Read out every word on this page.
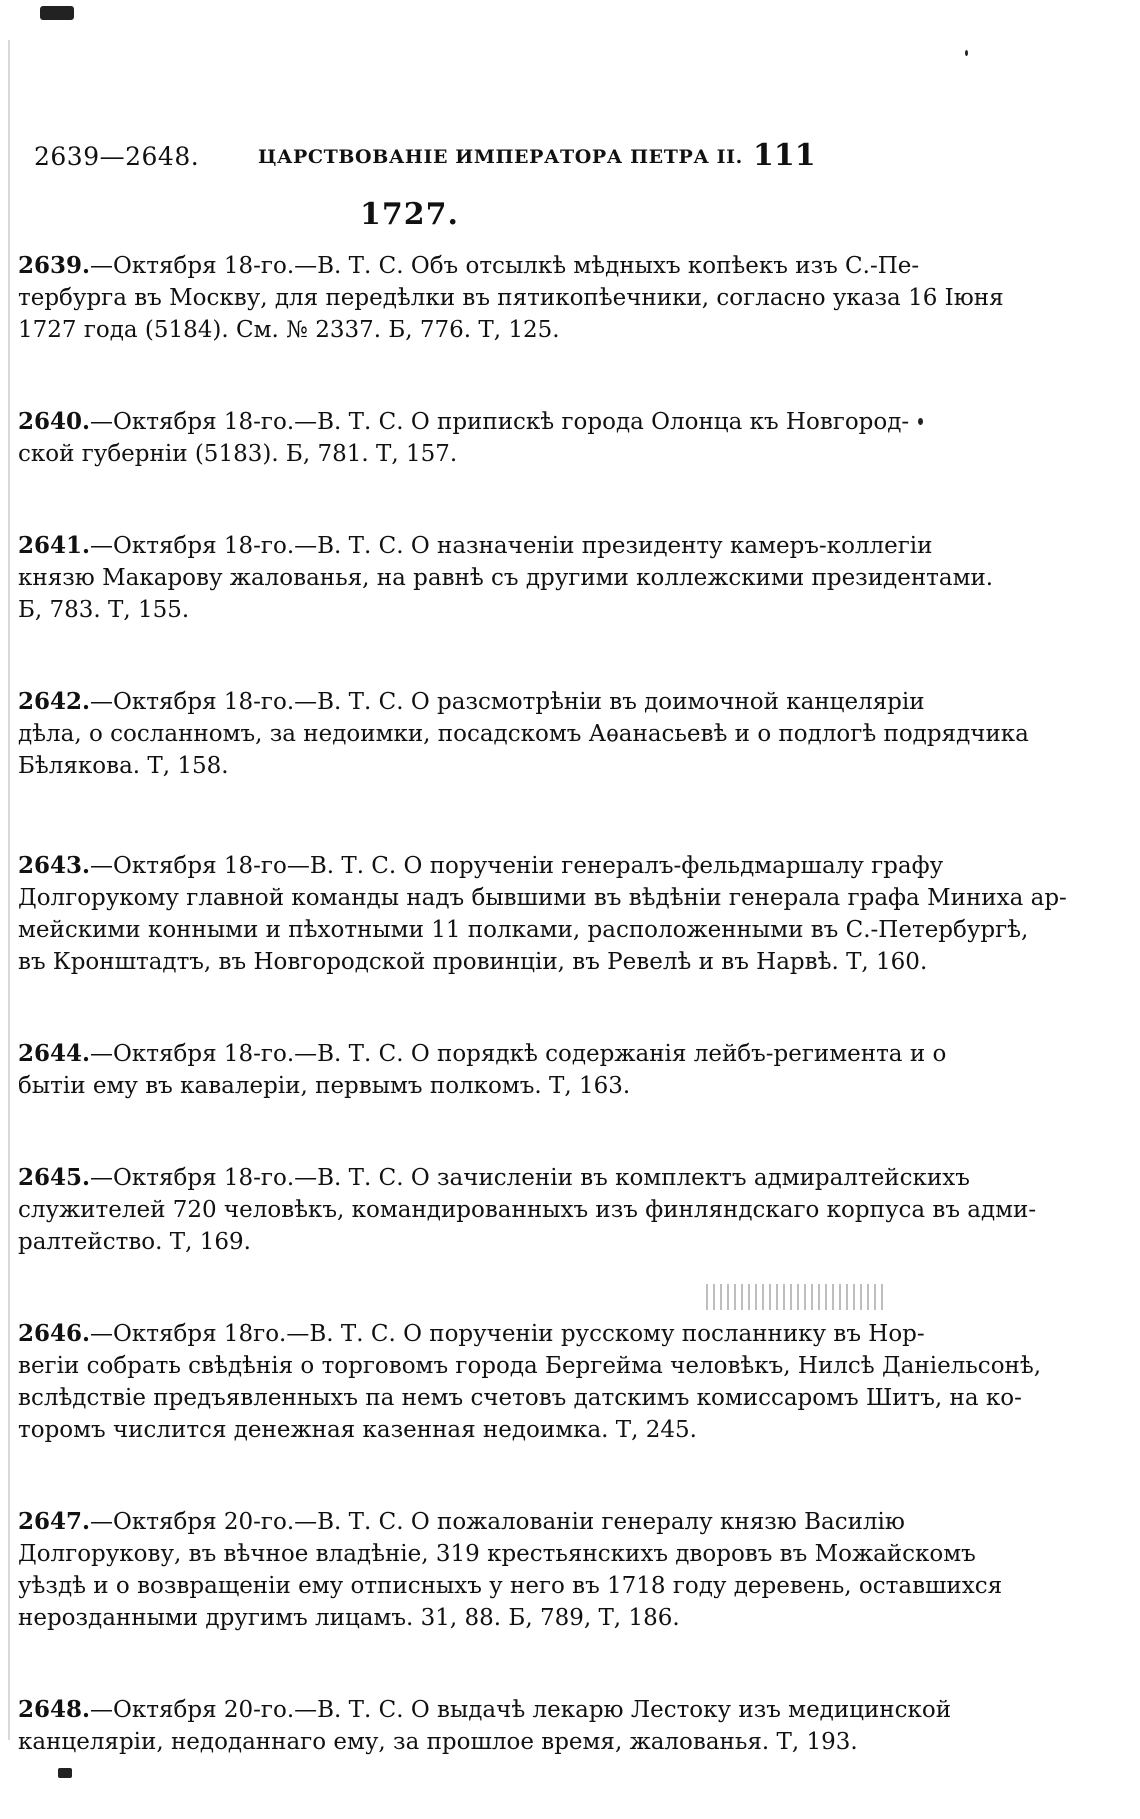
2639—2648.	ЦАРСТВОВАНІЕ ИМПЕРАТОРА ПЕТРА II. 111
1727.
2639.—Октября 18-го.—В. Т. С. Объ отсылкѣ мѣдныхъ копѣекъ изъ С.-Пе-
тербурга въ Москву, для передѣлки въ пятикопѣечники, согласно указа 16 Іюня
1727 года (5184). См. № 2337. Б, 776. Т, 125.
2640.—Октября 18-го.—В. Т. С. О припискѣ города Олонца къ Новгород-
ской губерніи (5183). Б, 781. Т, 157.
2641.—Октября 18-го.—В. Т. С. О назначеніи президенту камеръ-коллегіи
князю Макарову жалованья, на равнѣ съ другими коллежскими президентами.
Б, 783. Т, 155.
2642.—Октября 18-го.—В. Т. С. О разсмотрѣніи въ доимочной канцеляріи
дѣла, о сосланномъ, за недоимки, посадскомъ Аѳанасьевѣ и о подлогѣ подрядчика
Бѣлякова. Т, 158.
2643.—Октября 18-го—В. Т. С. О порученіи генералъ-фельдмаршалу графу
Долгорукому главной команды надъ бывшими въ вѣдѣніи генерала графа Миниха ар-
мейскими конными и пѣхотными 11 полками, расположенными въ С.-Петербургѣ,
въ Кронштадтъ, въ Новгородской провинціи, въ Ревелѣ и въ Нарвѣ. Т, 160.
2644.—Октября 18-го.—В. Т. С. О порядкѣ содержанія лейбъ-регимента и о
бытіи ему въ кавалеріи, первымъ полкомъ. Т, 163.
2645.—Октября 18-го.—В. Т. С. О зачисленіи въ комплектъ адмиралтейскихъ
служителей 720 человѣкъ, командированныхъ изъ финляндскаго корпуса въ адми-
ралтейство. Т, 169.
2646.—Октября 18го.—В. Т. С. О порученіи русскому посланнику въ Нор-
вегіи собрать свѣдѣнія о торговомъ города Бергейма человѣкъ, Нилсѣ Даніельсонѣ,
вслѣдствіе предъявленныхъ па немъ счетовъ датскимъ комиссаромъ Шитъ, на ко-
торомъ числится денежная казенная недоимка. Т, 245.
2647.—Октября 20-го.—В. Т. С. О пожалованіи генералу князю Василію
Долгорукову, въ вѣчное владѣніе, 319 крестьянскихъ дворовъ въ Можайскомъ
уѣздѣ и о возвращеніи ему отписныхъ у него въ 1718 году деревень, оставшихся
нерозданными другимъ лицамъ. 31, 88. Б, 789, Т, 186.
2648.—Октября 20-го.—В. Т. С. О выдачѣ лекарю Лестоку изъ медицинской
канцеляріи, недоданнаго ему, за прошлое время, жалованья. Т, 193.
